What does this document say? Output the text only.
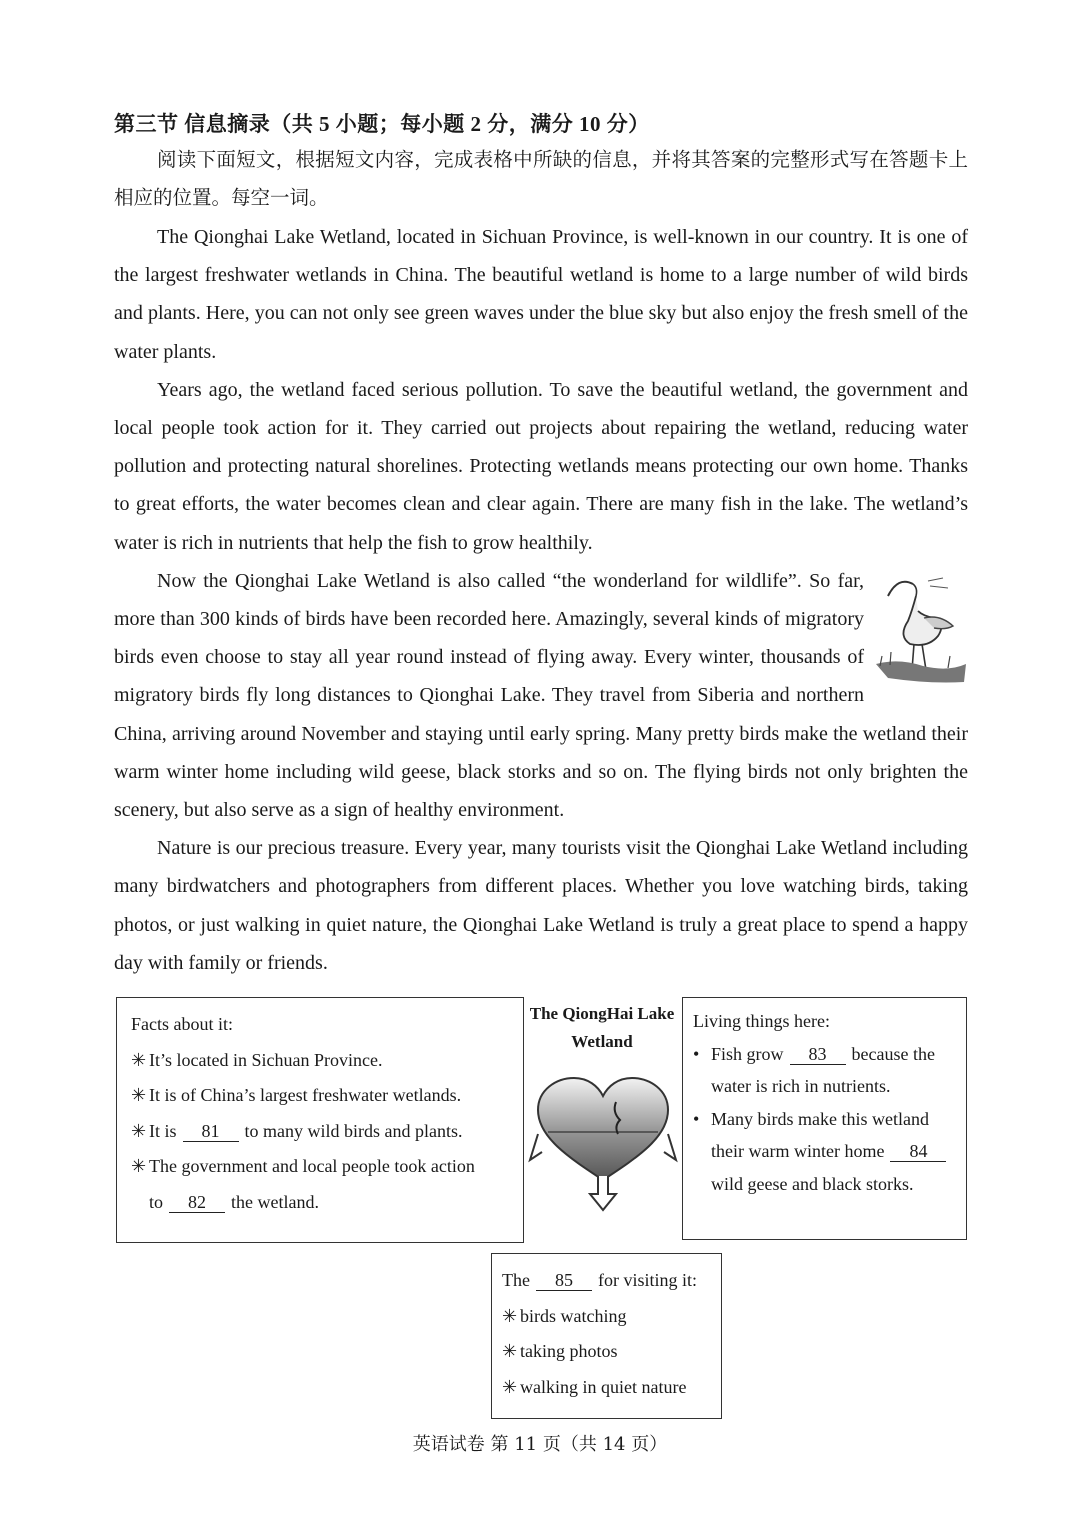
第三节 信息摘录（共 5 小题；每小题 2 分，满分 10 分）

阅读下面短文，根据短文内容，完成表格中所缺的信息，并将其答案的完整形式写在答题卡上相应的位置。每空一词。

The Qionghai Lake Wetland, located in Sichuan Province, is well-known in our country. It is one of the largest freshwater wetlands in China. The beautiful wetland is home to a large number of wild birds and plants. Here, you can not only see green waves under the blue sky but also enjoy the fresh smell of the water plants.

Years ago, the wetland faced serious pollution. To save the beautiful wetland, the government and local people took action for it. They carried out projects about repairing the wetland, reducing water pollution and protecting natural shorelines. Protecting wetlands means protecting our own home. Thanks to great efforts, the water becomes clean and clear again. There are many fish in the lake. The wetland’s water is rich in nutrients that help the fish to grow healthily.

Now the Qionghai Lake Wetland is also called “the wonderland for wildlife”. So far, more than 300 kinds of birds have been recorded here. Amazingly, several kinds of migratory birds even choose to stay all year round instead of flying away. Every winter, thousands of migratory birds fly long distances to Qionghai Lake. They travel from Siberia and northern China, arriving around November and staying until early spring. Many pretty birds make the wetland their warm winter home including wild geese, black storks and so on. The flying birds not only brighten the scenery, but also serve as a sign of healthy environment.

Nature is our precious treasure. Every year, many tourists visit the Qionghai Lake Wetland including many birdwatchers and photographers from different places. Whether you love watching birds, taking photos, or just walking in quiet nature, the Qionghai Lake Wetland is truly a great place to spend a happy day with family or friends.

Facts about it:
✳ It’s located in Sichuan Province.
✳ It is of China’s largest freshwater wetlands.
✳ It is 81 to many wild birds and plants.
✳ The government and local people took action
to 82 the wetland.
The QiongHai Lake Wetland
Living things here:
• Fish grow 83 because the
water is rich in nutrients.
• Many birds make this wetland
their warm winter home 84
wild geese and black storks.
The 85 for visiting it:
✳ birds watching
✳ taking photos
✳ walking in quiet nature
英语试卷 第 11 页（共 14 页）
